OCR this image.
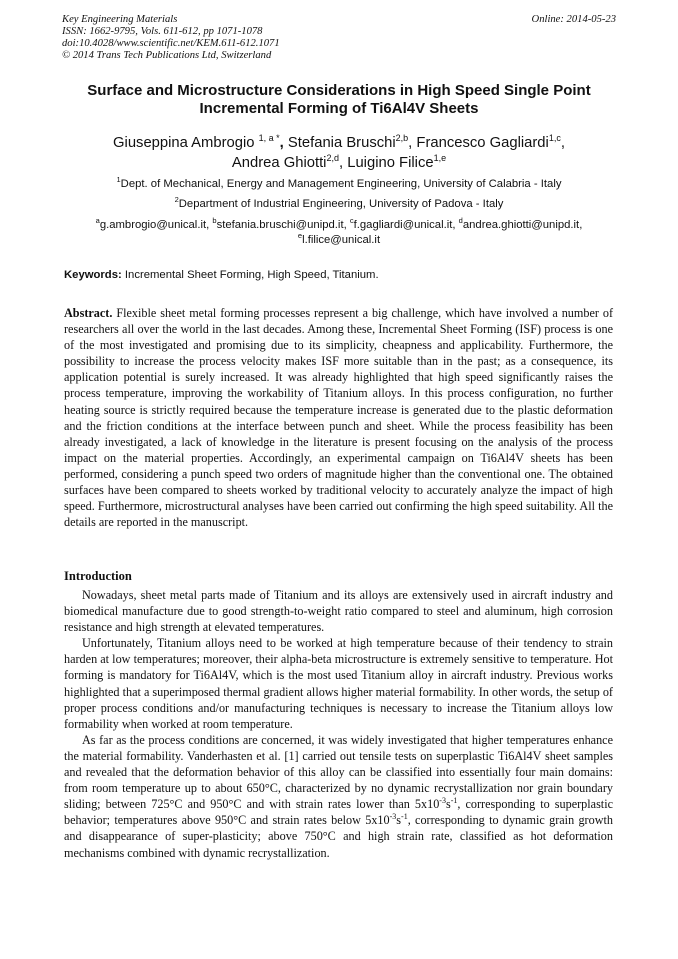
Key Engineering Materials
ISSN: 1662-9795, Vols. 611-612, pp 1071-1078
doi:10.4028/www.scientific.net/KEM.611-612.1071
© 2014 Trans Tech Publications Ltd, Switzerland
Online: 2014-05-23
Surface and Microstructure Considerations in High Speed Single Point
Incremental Forming of Ti6Al4V Sheets
Giuseppina Ambrogio $^{1, a *}$, Stefania Bruschi$^{2,b}$, Francesco Gagliardi$^{1,c}$,
Andrea Ghiotti$^{2,d}$, Luigino Filice$^{1,e}$
$^1$Dept. of Mechanical, Energy and Management Engineering, University of Calabria - Italy
$^2$Department of Industrial Engineering, University of Padova - Italy
$^a$g.ambrogio@unical.it, $^b$stefania.bruschi@unipd.it, $^c$f.gagliardi@unical.it, $^d$andrea.ghiotti@unipd.it,
$^e$l.filice@unical.it
Keywords: Incremental Sheet Forming, High Speed, Titanium.

Abstract. Flexible sheet metal forming processes represent a big challenge, which have involved a number of researchers all over the world in the last decades. Among these, Incremental Sheet Forming (ISF) process is one of the most investigated and promising due to its simplicity, cheapness and applicability. Furthermore, the possibility to increase the process velocity makes ISF more suitable than in the past; as a consequence, its application potential is surely increased. It was already highlighted that high speed significantly raises the process temperature, improving the workability of Titanium alloys. In this process configuration, no further heating source is strictly required because the temperature increase is generated due to the plastic deformation and the friction conditions at the interface between punch and sheet. While the process feasibility has been already investigated, a lack of knowledge in the literature is present focusing on the analysis of the process impact on the material properties. Accordingly, an experimental campaign on Ti6Al4V sheets has been performed, considering a punch speed two orders of magnitude higher than the conventional one. The obtained surfaces have been compared to sheets worked by traditional velocity to accurately analyze the impact of high speed. Furthermore, microstructural analyses have been carried out confirming the high speed suitability. All the details are reported in the manuscript.

Introduction

Nowadays, sheet metal parts made of Titanium and its alloys are extensively used in aircraft industry and biomedical manufacture due to good strength-to-weight ratio compared to steel and aluminum, high corrosion resistance and high strength at elevated temperatures.

Unfortunately, Titanium alloys need to be worked at high temperature because of their tendency to strain harden at low temperatures; moreover, their alpha-beta microstructure is extremely sensitive to temperature. Hot forming is mandatory for Ti6Al4V, which is the most used Titanium alloy in aircraft industry. Previous works highlighted that a superimposed thermal gradient allows higher material formability. In other words, the setup of proper process conditions and/or manufacturing techniques is necessary to increase the Titanium alloys low formability when worked at room temperature.

As far as the process conditions are concerned, it was widely investigated that higher temperatures enhance the material formability. Vanderhasten et al. [1] carried out tensile tests on superplastic Ti6Al4V sheet samples and revealed that the deformation behavior of this alloy can be classified into essentially four main domains: from room temperature up to about 650°C, characterized by no dynamic recrystallization nor grain boundary sliding; between 725°C and 950°C and with strain rates lower than $5x10^{-3}s^{-1}$, corresponding to superplastic behavior; temperatures above 950°C and strain rates below $5x10^{-3}s^{-1}$, corresponding to dynamic grain growth and disappearance of super-plasticity; above 750°C and high strain rate, classified as hot deformation mechanisms combined with dynamic recrystallization.
